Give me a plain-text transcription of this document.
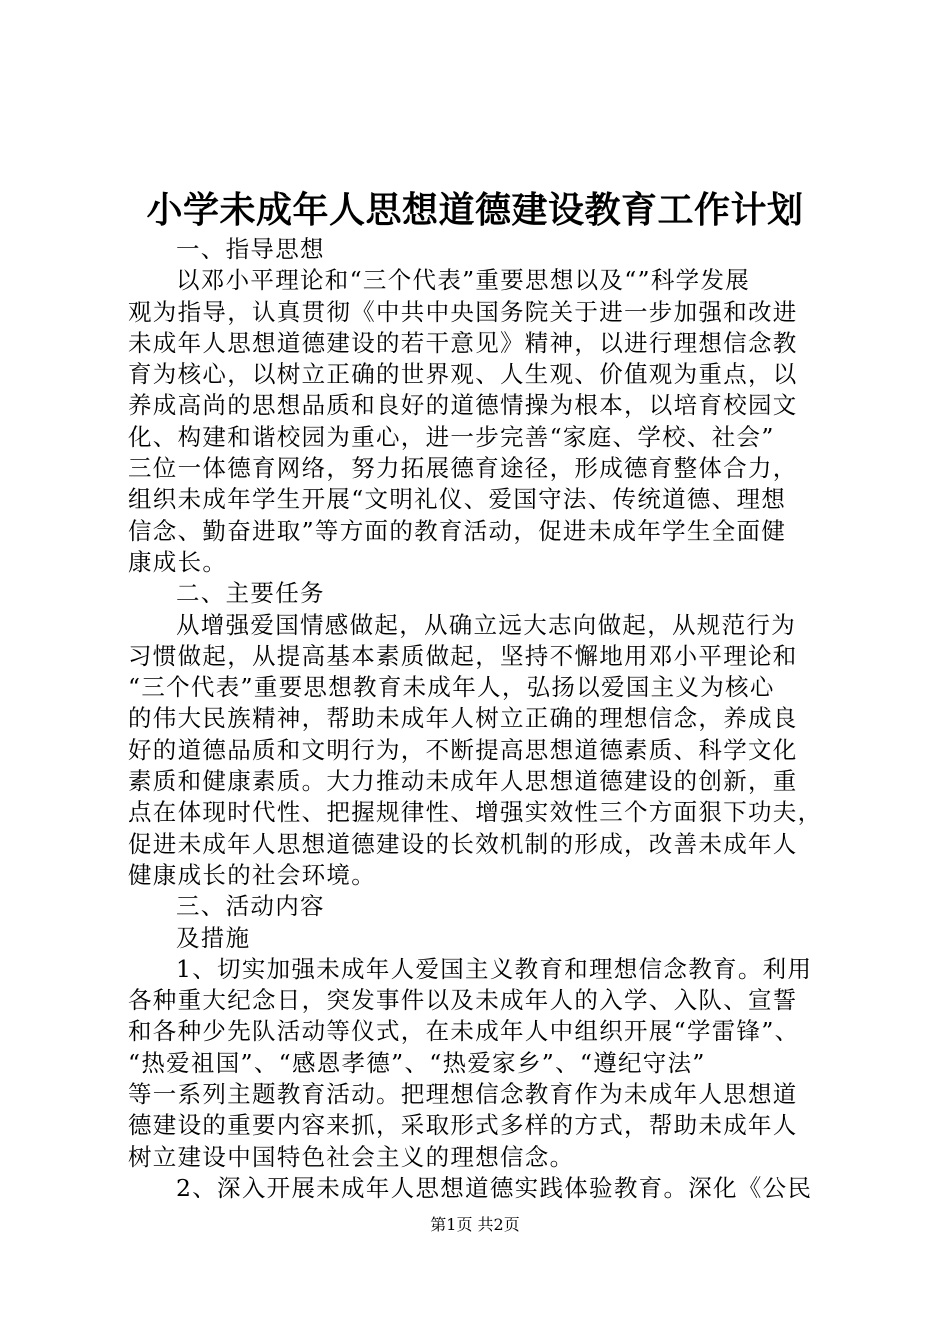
小学未成年人思想道德建设教育工作计划
一、指导思想
以邓小平理论和“三个代表”重要思想以及“”科学发展
观为指导，认真贯彻《中共中央国务院关于进一步加强和改进
未成年人思想道德建设的若干意见》精神，以进行理想信念教
育为核心，以树立正确的世界观、人生观、价值观为重点，以
养成高尚的思想品质和良好的道德情操为根本，以培育校园文
化、构建和谐校园为重心，进一步完善“家庭、学校、社会”
三位一体德育网络，努力拓展德育途径，形成德育整体合力，
组织未成年学生开展“文明礼仪、爱国守法、传统道德、理想
信念、勤奋进取”等方面的教育活动，促进未成年学生全面健
康成长。
二、主要任务
从增强爱国情感做起，从确立远大志向做起，从规范行为
习惯做起，从提高基本素质做起，坚持不懈地用邓小平理论和
“三个代表”重要思想教育未成年人，弘扬以爱国主义为核心
的伟大民族精神，帮助未成年人树立正确的理想信念，养成良
好的道德品质和文明行为，不断提高思想道德素质、科学文化
素质和健康素质。大力推动未成年人思想道德建设的创新，重
点在体现时代性、把握规律性、增强实效性三个方面狠下功夫，
促进未成年人思想道德建设的长效机制的形成，改善未成年人
健康成长的社会环境。
三、活动内容
及措施
1、切实加强未成年人爱国主义教育和理想信念教育。利用
各种重大纪念日，突发事件以及未成年人的入学、入队、宣誓
和各种少先队活动等仪式，在未成年人中组织开展“学雷锋”、
“热爱祖国”、“感恩孝德”、“热爱家乡”、“遵纪守法”
等一系列主题教育活动。把理想信念教育作为未成年人思想道
德建设的重要内容来抓，采取形式多样的方式，帮助未成年人
树立建设中国特色社会主义的理想信念。
2、深入开展未成年人思想道德实践体验教育。深化《公民
第1页 共2页
